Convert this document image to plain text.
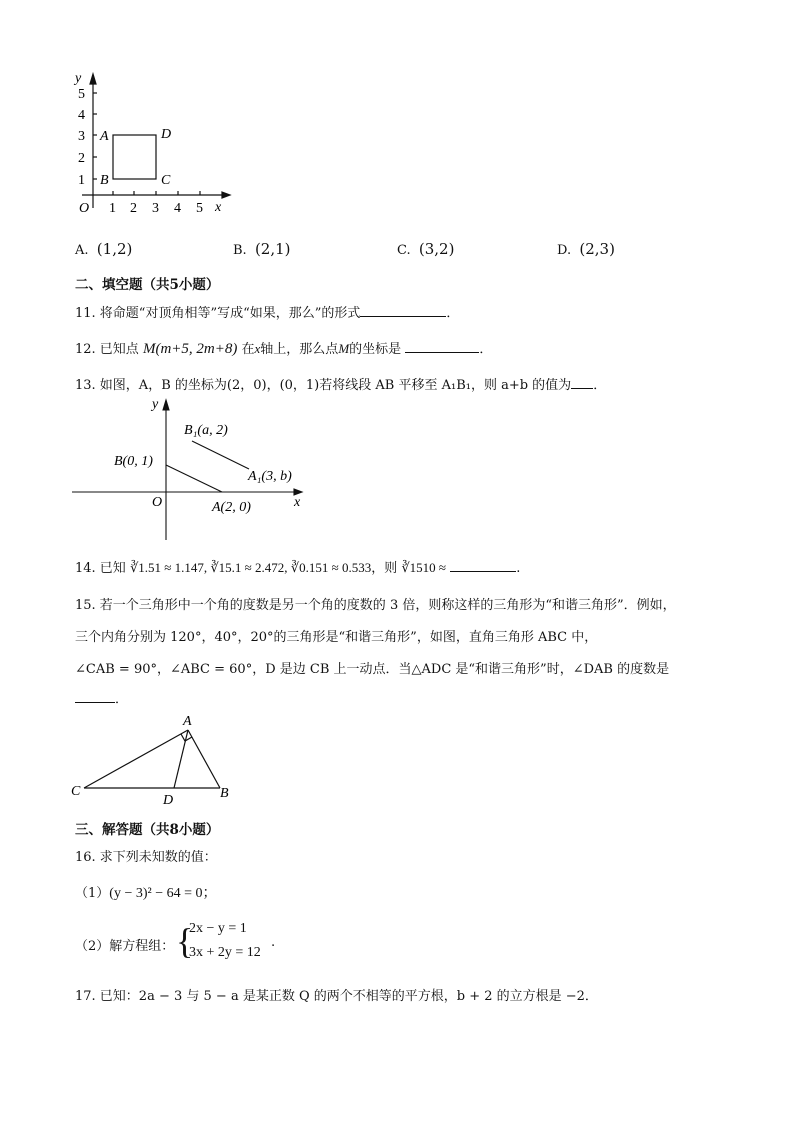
y
5
4
3
2
1
A	D
B	C
O 1 2 3 4 5 x
A. (1,2)	B. (2,1)	C. (3,2)	D. (2,3)
二、填空题（共5小题）
11. 将命题“对顶角相等”写成“如果，那么”的形式	．
12. 已知点 M(m+5, 2m+8) 在x轴上，那么点M的坐标是	．
13. 如图，A，B 的坐标为(2，0)，(0，1)若将线段 AB 平移至 A₁B₁，则 a+b 的值为 ．
y
B₁(a, 2)
A₁(3, b)
B(0, 1)
O	A(2, 0)	x
14. 已知 ∛1.51 ≈ 1.147, ∛15.1 ≈ 2.472, ∛0.151 ≈ 0.533，则 ∛1510 ≈	.
15. 若一个三角形中一个角的度数是另一个角的度数的 3 倍，则称这样的三角形为“和谐三角形”．例如，
三个内角分别为 120°，40°，20°的三角形是“和谐三角形”，如图，直角三角形 ABC 中，
∠CAB = 90°，∠ABC = 60°，D 是边 CB 上一动点．当△ADC 是“和谐三角形”时，∠DAB 的度数是
．
A
C
D	B
三、解答题（共8小题）
16. 求下列未知数的值：
（1）(y − 3)² − 64 = 0；
（2）解方程组： {
2x − y = 1
3x + 2y = 12
.
17. 已知：2a − 3 与 5 − a 是某正数 Q 的两个不相等的平方根，b + 2 的立方根是 −2．
